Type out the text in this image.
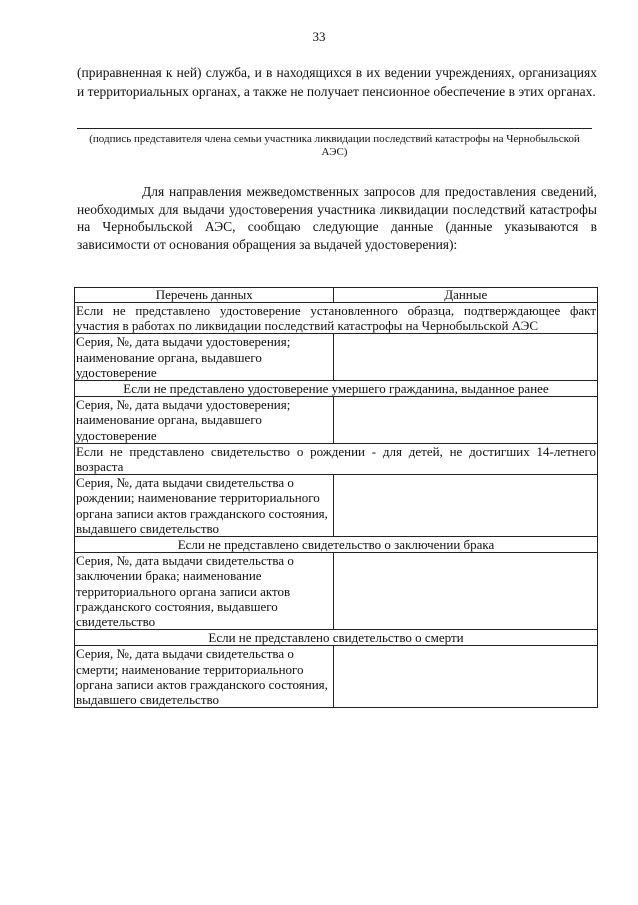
33

(приравненная к ней) служба, и в находящихся в их ведении учреждениях, организациях и территориальных органах, а также не получает пенсионное обеспечение в этих органах.

(подпись представителя члена семьи участника ликвидации последствий катастрофы на Чернобыльской АЭС)

Для направления межведомственных запросов для предоставления сведений, необходимых для выдачи удостоверения участника ликвидации последствий катастрофы на Чернобыльской АЭС, сообщаю следующие данные (данные указываются в зависимости от основания обращения за выдачей удостоверения):

Перечень данных	Данные
Если не представлено удостоверение установленного образца, подтверждающее факт участия в работах по ликвидации последствий катастрофы на Чернобыльской АЭС	
Серия, №, дата выдачи удостоверения; наименование органа, выдавшего удостоверение	
Если не представлено удостоверение умершего гражданина, выданное ранее	
Серия, №, дата выдачи удостоверения; наименование органа, выдавшего удостоверение	
Если не представлено свидетельство о рождении - для детей, не достигших 14-летнего возраста	
Серия, №, дата выдачи свидетельства о рождении; наименование территориального органа записи актов гражданского состояния, выдавшего свидетельство	
Если не представлено свидетельство о заключении брака	
Серия, №, дата выдачи свидетельства о заключении брака; наименование территориального органа записи актов гражданского состояния, выдавшего свидетельство	
Если не представлено свидетельство о смерти	
Серия, №, дата выдачи свидетельства о смерти; наименование территориального органа записи актов гражданского состояния, выдавшего свидетельство	
